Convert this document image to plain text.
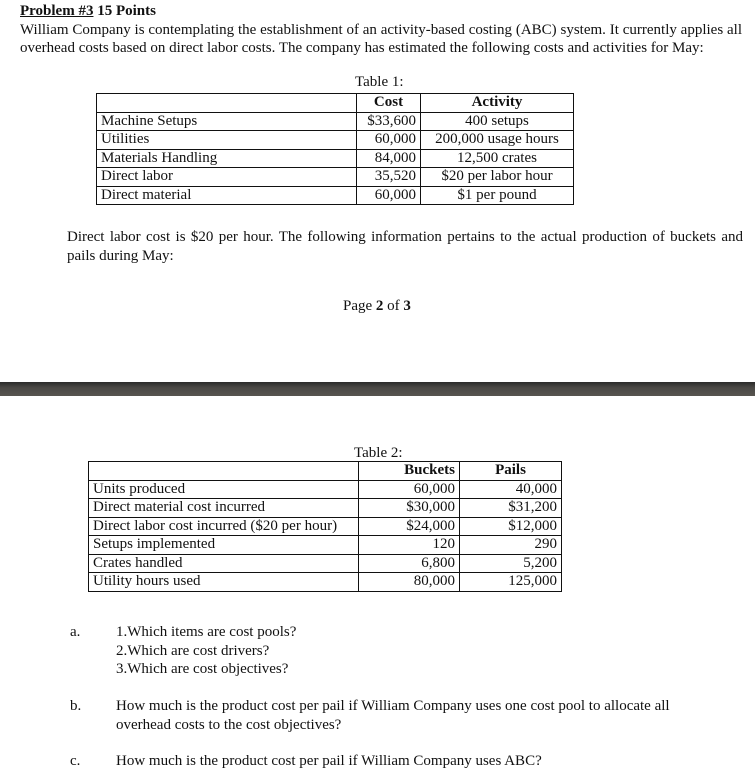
Problem #3 15 Points
William Company is contemplating the establishment of an activity-based costing (ABC) system. It currently applies all overhead costs based on direct labor costs. The company has estimated the following costs and activities for May:
Table 1:
	Cost	Activity
Machine Setups	$33,600	400 setups
Utilities	60,000	200,000 usage hours
Materials Handling	84,000	12,500 crates
Direct labor	35,520	$20 per labor hour
Direct material	60,000	$1 per pound
Direct labor cost is $20 per hour. The following information pertains to the actual production of buckets and pails during May:
Page 2 of 3
Table 2:
	Buckets	Pails
Units produced	60,000	40,000
Direct material cost incurred	$30,000	$31,200
Direct labor cost incurred ($20 per hour)	$24,000	$12,000
Setups implemented	120	290
Crates handled	6,800	5,200
Utility hours used	80,000	125,000
a. 1.Which items are cost pools?
2.Which are cost drivers?
3.Which are cost objectives?
b. How much is the product cost per pail if William Company uses one cost pool to allocate all overhead costs to the cost objectives?
c. How much is the product cost per pail if William Company uses ABC?
